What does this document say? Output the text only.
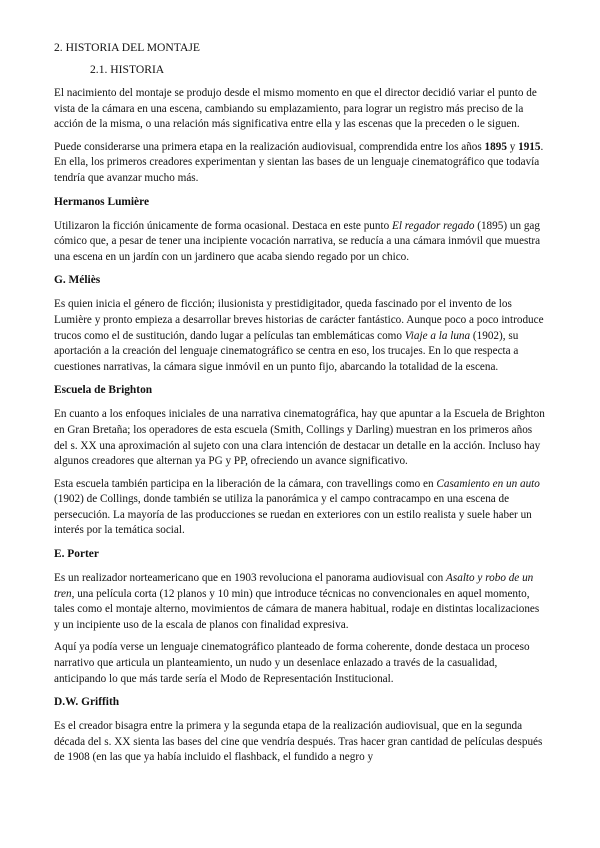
2. HISTORIA DEL MONTAJE
2.1. HISTORIA

El nacimiento del montaje se produjo desde el mismo momento en que el director decidió variar el punto de vista de la cámara en una escena, cambiando su emplazamiento, para lograr un registro más preciso de la acción de la misma, o una relación más significativa entre ella y las escenas que la preceden o le siguen.

Puede considerarse una primera etapa en la realización audiovisual, comprendida entre los años 1895 y 1915. En ella, los primeros creadores experimentan y sientan las bases de un lenguaje cinematográfico que todavía tendría que avanzar mucho más.

Hermanos Lumière

Utilizaron la ficción únicamente de forma ocasional. Destaca en este punto El regador regado (1895) un gag cómico que, a pesar de tener una incipiente vocación narrativa, se reducía a una cámara inmóvil que muestra una escena en un jardín con un jardinero que acaba siendo regado por un chico.

G. Méliès

Es quien inicia el género de ficción; ilusionista y prestidigitador, queda fascinado por el invento de los Lumière y pronto empieza a desarrollar breves historias de carácter fantástico. Aunque poco a poco introduce trucos como el de sustitución, dando lugar a películas tan emblemáticas como Viaje a la luna (1902), su aportación a la creación del lenguaje cinematográfico se centra en eso, los trucajes. En lo que respecta a cuestiones narrativas, la cámara sigue inmóvil en un punto fijo, abarcando la totalidad de la escena.

Escuela de Brighton

En cuanto a los enfoques iniciales de una narrativa cinematográfica, hay que apuntar a la Escuela de Brighton en Gran Bretaña; los operadores de esta escuela (Smith, Collings y Darling) muestran en los primeros años del s. XX una aproximación al sujeto con una clara intención de destacar un detalle en la acción. Incluso hay algunos creadores que alternan ya PG y PP, ofreciendo un avance significativo.

Esta escuela también participa en la liberación de la cámara, con travellings como en Casamiento en un auto (1902) de Collings, donde también se utiliza la panorámica y el campo contracampo en una escena de persecución. La mayoría de las producciones se ruedan en exteriores con un estilo realista y suele haber un interés por la temática social.

E. Porter

Es un realizador norteamericano que en 1903 revoluciona el panorama audiovisual con Asalto y robo de un tren, una película corta (12 planos y 10 min) que introduce técnicas no convencionales en aquel momento, tales como el montaje alterno, movimientos de cámara de manera habitual, rodaje en distintas localizaciones y un incipiente uso de la escala de planos con finalidad expresiva.

Aquí ya podía verse un lenguaje cinematográfico planteado de forma coherente, donde destaca un proceso narrativo que articula un planteamiento, un nudo y un desenlace enlazado a través de la casualidad, anticipando lo que más tarde sería el Modo de Representación Institucional.

D.W. Griffith

Es el creador bisagra entre la primera y la segunda etapa de la realización audiovisual, que en la segunda década del s. XX sienta las bases del cine que vendría después. Tras hacer gran cantidad de películas después de 1908 (en las que ya había incluido el flashback, el fundido a negro y
